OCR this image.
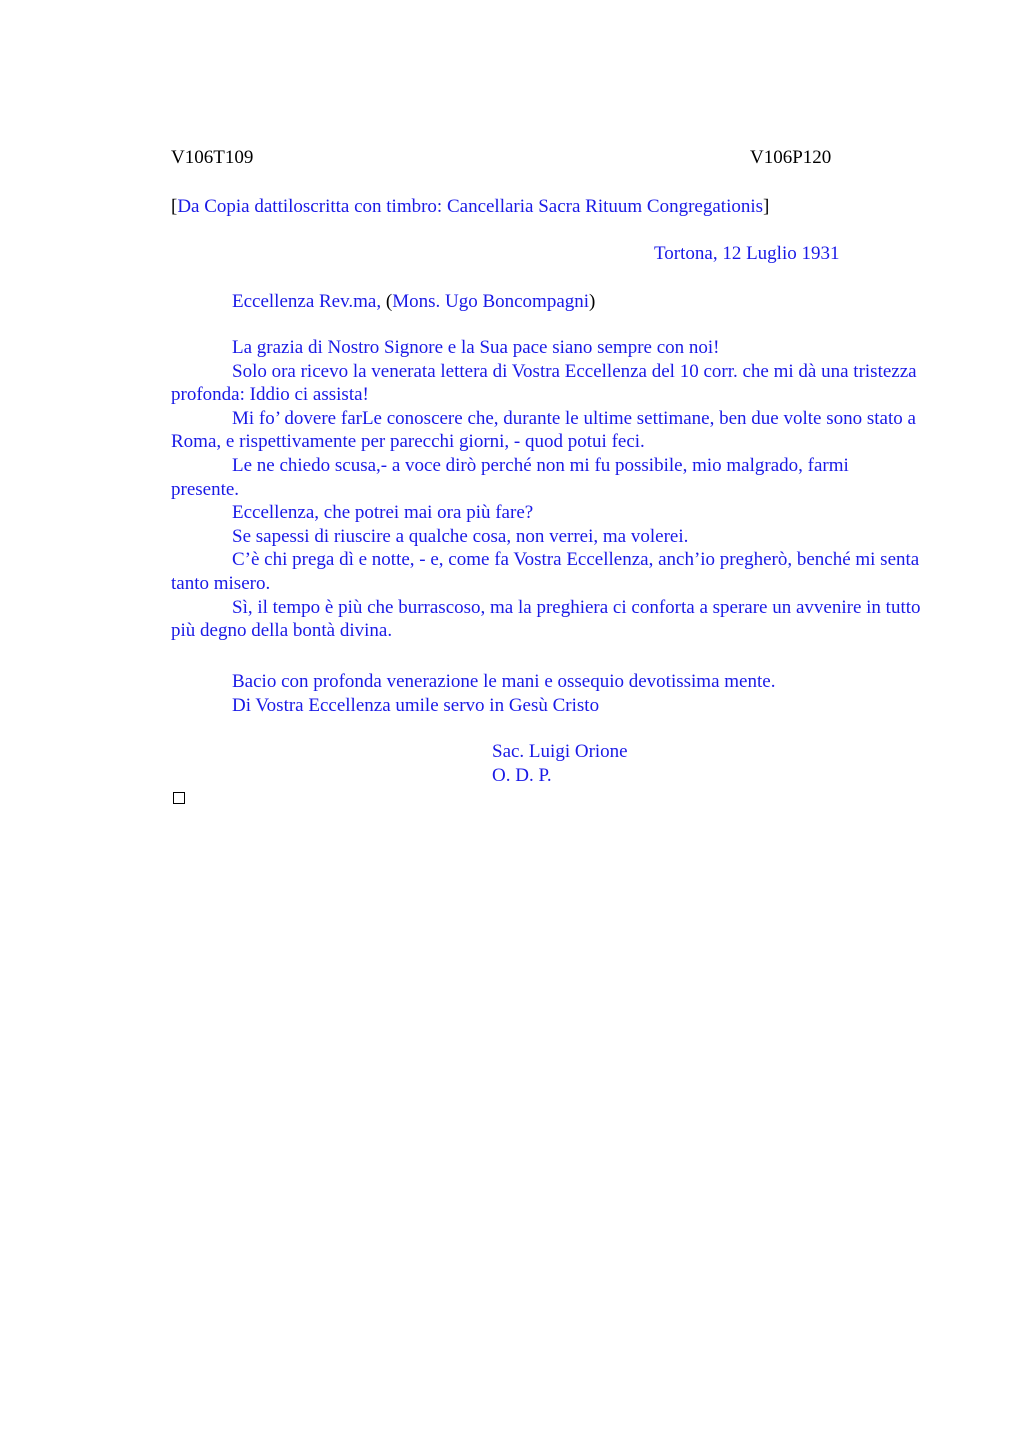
V106T109	V106P120
[Da Copia dattiloscritta con timbro: Cancellaria Sacra Rituum Congregationis]
Tortona, 12 Luglio 1931
Eccellenza Rev.ma, (Mons. Ugo Boncompagni)

La grazia di Nostro Signore e la Sua pace siano sempre con noi!

Solo ora ricevo la venerata lettera di Vostra Eccellenza del 10 corr. che mi dà una tristezza profonda: Iddio ci assista!

Mi fo’ dovere farLe conoscere che, durante le ultime settimane, ben due volte sono stato a Roma, e rispettivamente per parecchi giorni, - quod potui feci.

Le ne chiedo scusa,- a voce dirò perché non mi fu possibile, mio malgrado, farmi presente.

Eccellenza, che potrei mai ora più fare?

Se sapessi di riuscire a qualche cosa, non verrei, ma volerei.

C’è chi prega dì e notte, - e, come fa Vostra Eccellenza, anch’io pregherò, benché mi senta tanto misero.

Sì, il tempo è più che burrascoso, ma la preghiera ci conforta a sperare un avvenire in tutto più degno della bontà divina.

Bacio con profonda venerazione le mani e ossequio devotissima mente.
Di Vostra Eccellenza umile servo in Gesù Cristo
Sac. Luigi Orione
O. D. P.
